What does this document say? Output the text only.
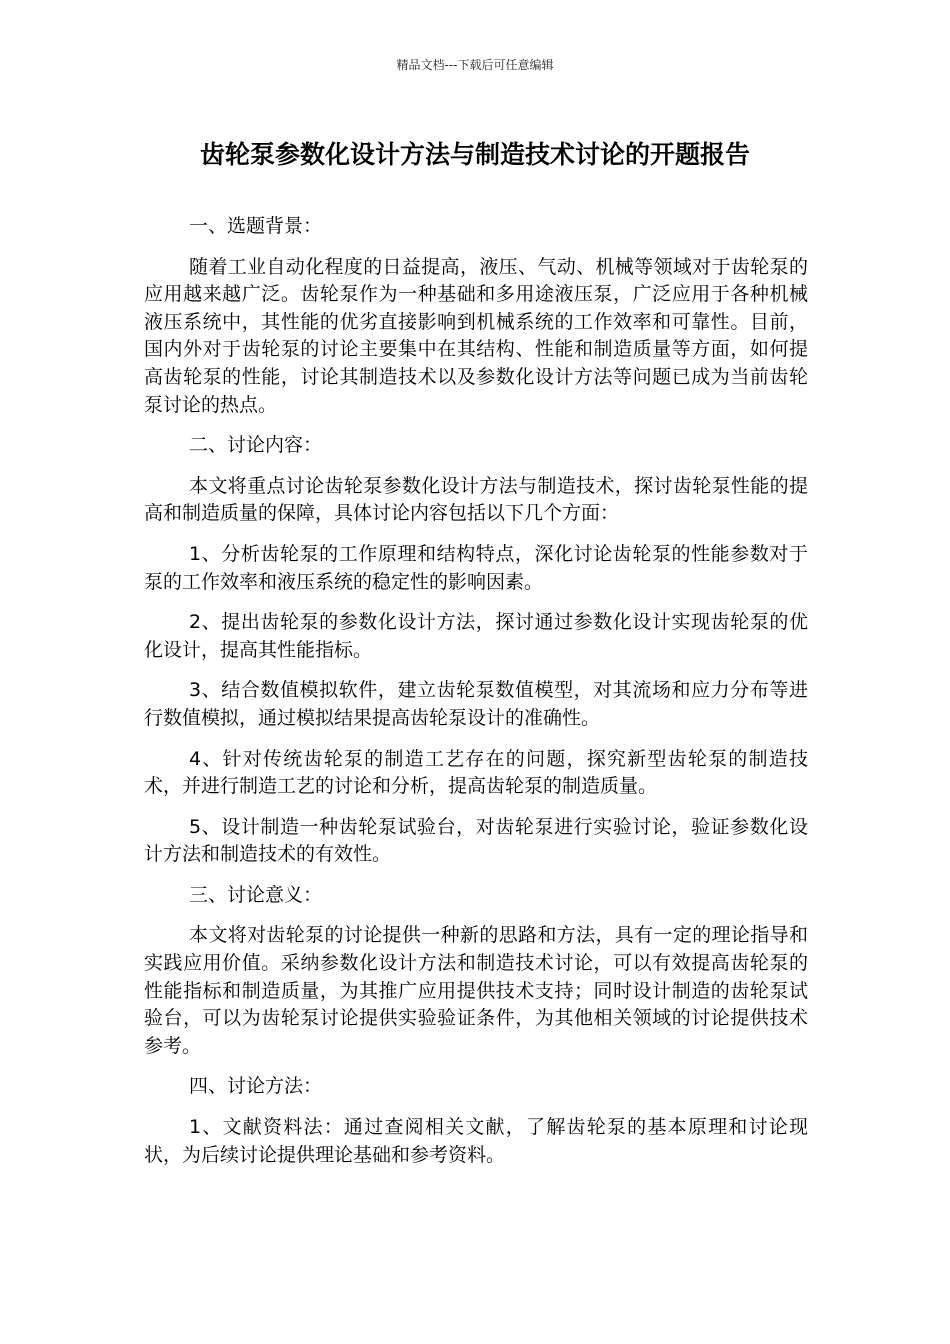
精品文档---下载后可任意编辑
齿轮泵参数化设计方法与制造技术讨论的开题报告

一、选题背景：

随着工业自动化程度的日益提高，液压、气动、机械等领域对于齿轮泵的应用越来越广泛。齿轮泵作为一种基础和多用途液压泵，广泛应用于各种机械液压系统中，其性能的优劣直接影响到机械系统的工作效率和可靠性。目前，国内外对于齿轮泵的讨论主要集中在其结构、性能和制造质量等方面，如何提高齿轮泵的性能，讨论其制造技术以及参数化设计方法等问题已成为当前齿轮泵讨论的热点。

二、讨论内容：

本文将重点讨论齿轮泵参数化设计方法与制造技术，探讨齿轮泵性能的提高和制造质量的保障，具体讨论内容包括以下几个方面：

1、分析齿轮泵的工作原理和结构特点，深化讨论齿轮泵的性能参数对于泵的工作效率和液压系统的稳定性的影响因素。

2、提出齿轮泵的参数化设计方法，探讨通过参数化设计实现齿轮泵的优化设计，提高其性能指标。

3、结合数值模拟软件，建立齿轮泵数值模型，对其流场和应力分布等进行数值模拟，通过模拟结果提高齿轮泵设计的准确性。

4、针对传统齿轮泵的制造工艺存在的问题，探究新型齿轮泵的制造技术，并进行制造工艺的讨论和分析，提高齿轮泵的制造质量。

5、设计制造一种齿轮泵试验台，对齿轮泵进行实验讨论，验证参数化设计方法和制造技术的有效性。

三、讨论意义：

本文将对齿轮泵的讨论提供一种新的思路和方法，具有一定的理论指导和实践应用价值。采纳参数化设计方法和制造技术讨论，可以有效提高齿轮泵的性能指标和制造质量，为其推广应用提供技术支持；同时设计制造的齿轮泵试验台，可以为齿轮泵讨论提供实验验证条件，为其他相关领域的讨论提供技术参考。

四、讨论方法：

1、文献资料法：通过查阅相关文献，了解齿轮泵的基本原理和讨论现状，为后续讨论提供理论基础和参考资料。
